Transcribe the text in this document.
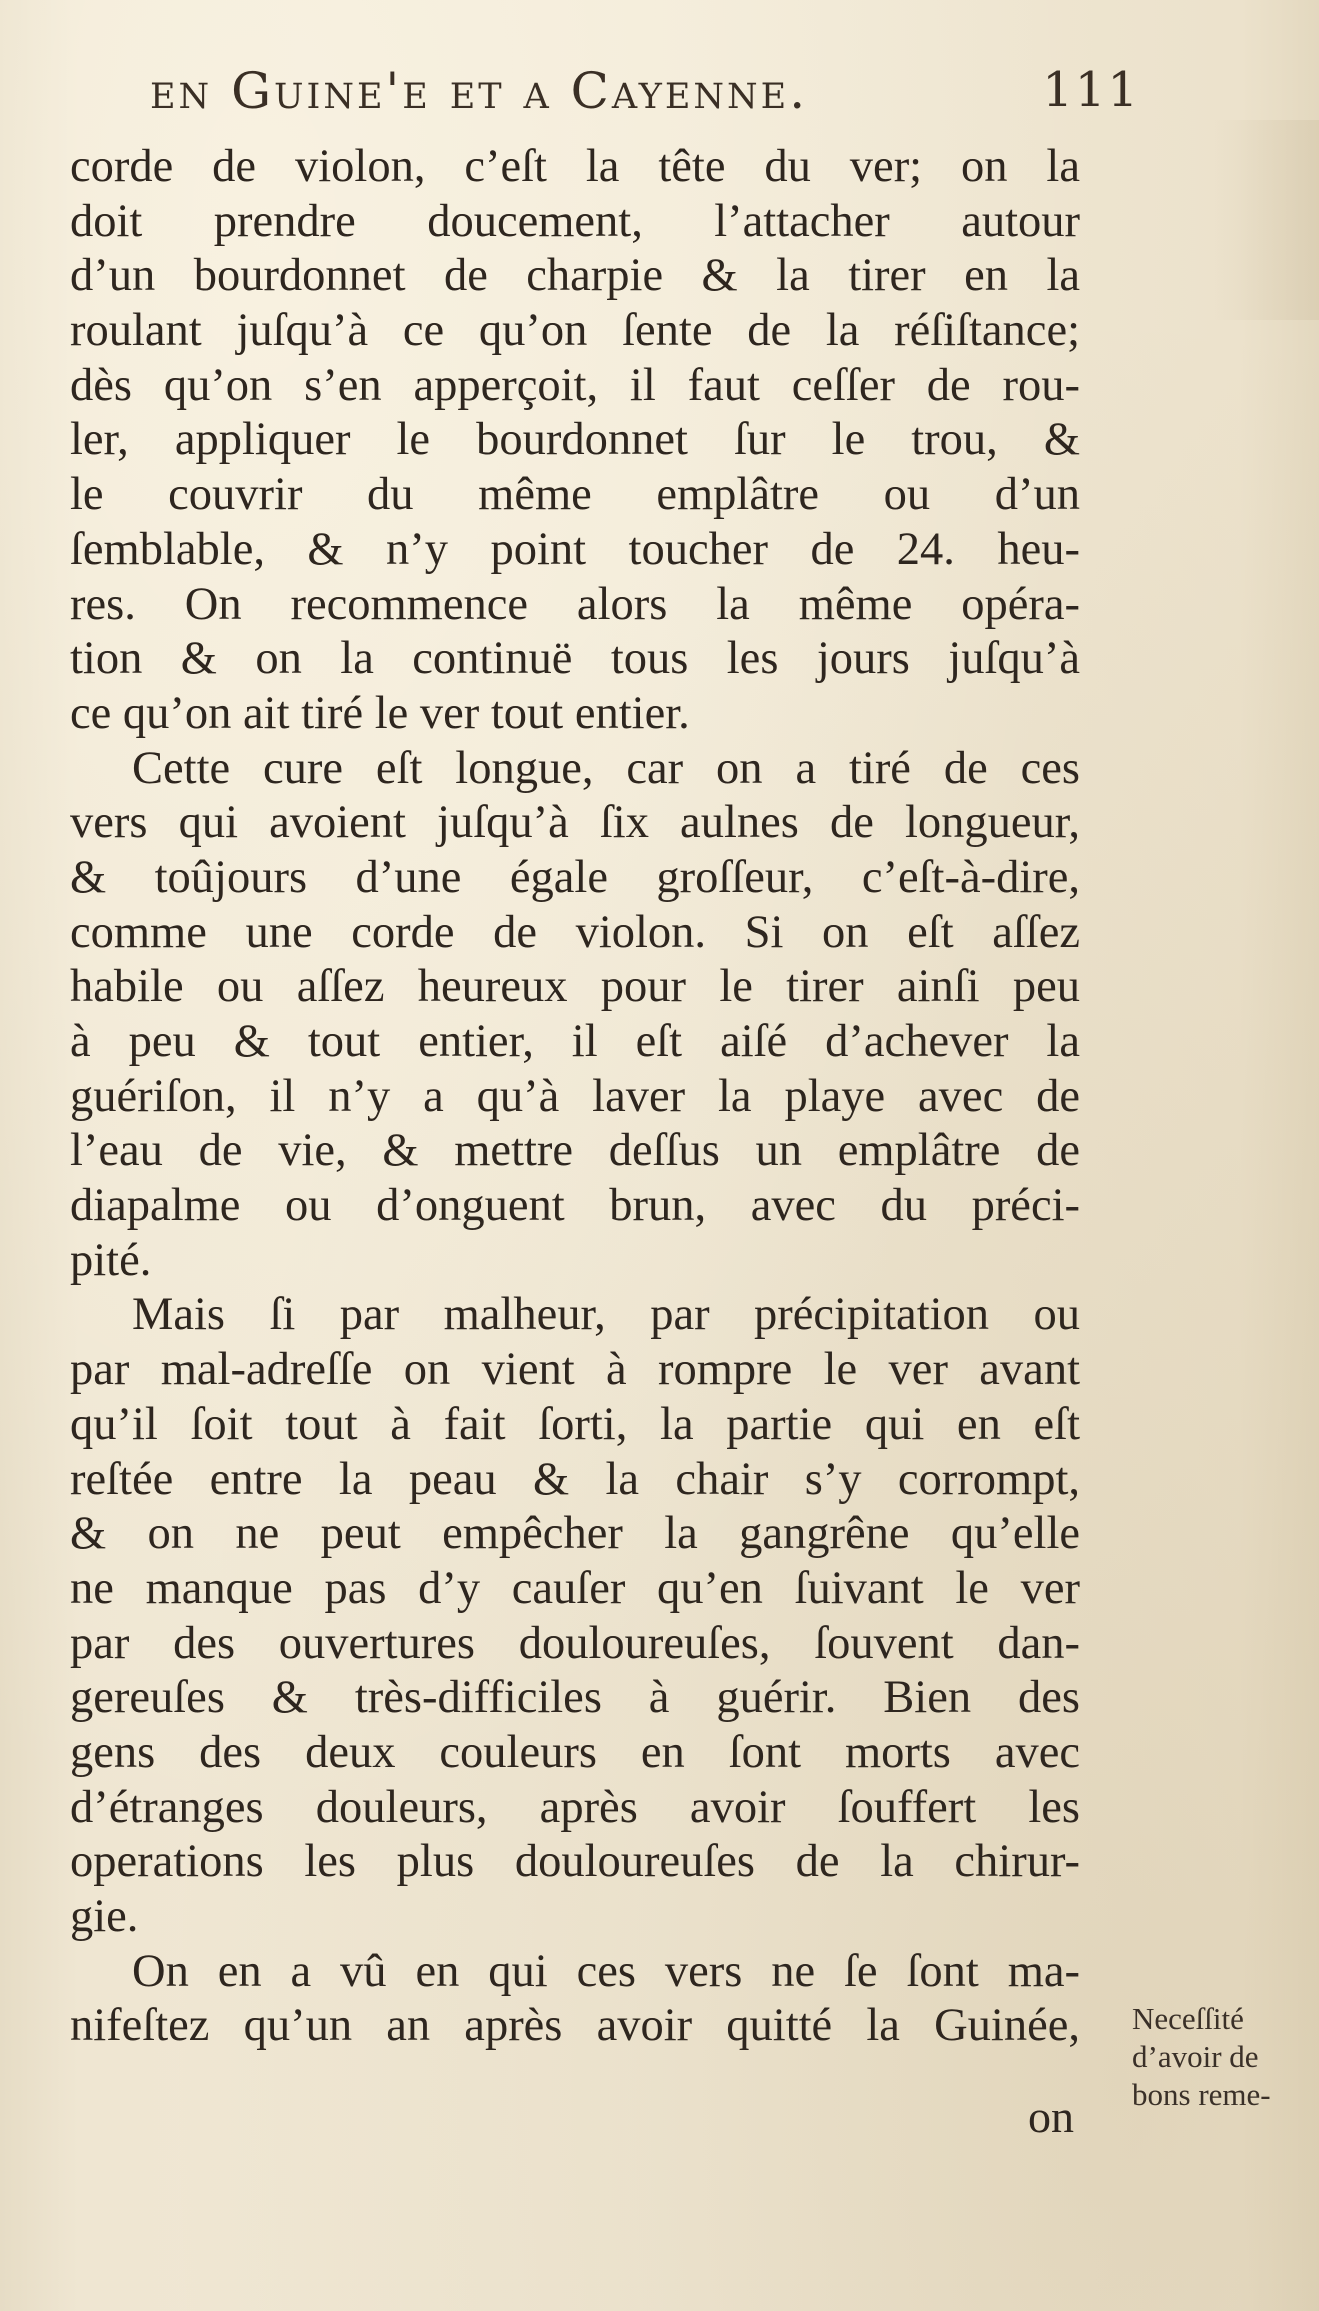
en Guine'e et a Cayenne.	111
corde de violon, c’eſt la tête du ver; on la
doit prendre doucement, l’attacher autour
d’un bourdonnet de charpie & la tirer en la
roulant juſqu’à ce qu’on ſente de la réſiſtance;
dès qu’on s’en apperçoit, il faut ceſſer de rou-
ler, appliquer le bourdonnet ſur le trou, &
le couvrir du même emplâtre ou d’un
ſemblable, & n’y point toucher de 24. heu-
res. On recommence alors la même opéra-
tion & on la continuë tous les jours juſqu’à
ce qu’on ait tiré le ver tout entier.
Cette cure eſt longue, car on a tiré de ces
vers qui avoient juſqu’à ſix aulnes de longueur,
& toûjours d’une égale groſſeur, c’eſt-à-dire,
comme une corde de violon. Si on eſt aſſez
habile ou aſſez heureux pour le tirer ainſi peu
à peu & tout entier, il eſt aiſé d’achever la
guériſon, il n’y a qu’à laver la playe avec de
l’eau de vie, & mettre deſſus un emplâtre de
diapalme ou d’onguent brun, avec du préci-
pité.
Mais ſi par malheur, par précipitation ou
par mal-adreſſe on vient à rompre le ver avant
qu’il ſoit tout à fait ſorti, la partie qui en eſt
reſtée entre la peau & la chair s’y corrompt,
& on ne peut empêcher la gangrêne qu’elle
ne manque pas d’y cauſer qu’en ſuivant le ver
par des ouvertures douloureuſes, ſouvent dan-
gereuſes & très-difficiles à guérir. Bien des
gens des deux couleurs en ſont morts avec
d’étranges douleurs, après avoir ſouffert les
operations les plus douloureuſes de la chirur-
gie.
On en a vû en qui ces vers ne ſe ſont ma-
nifeſtez qu’un an après avoir quitté la Guinée, Neceſſité
d’avoir de
bons reme-
on
